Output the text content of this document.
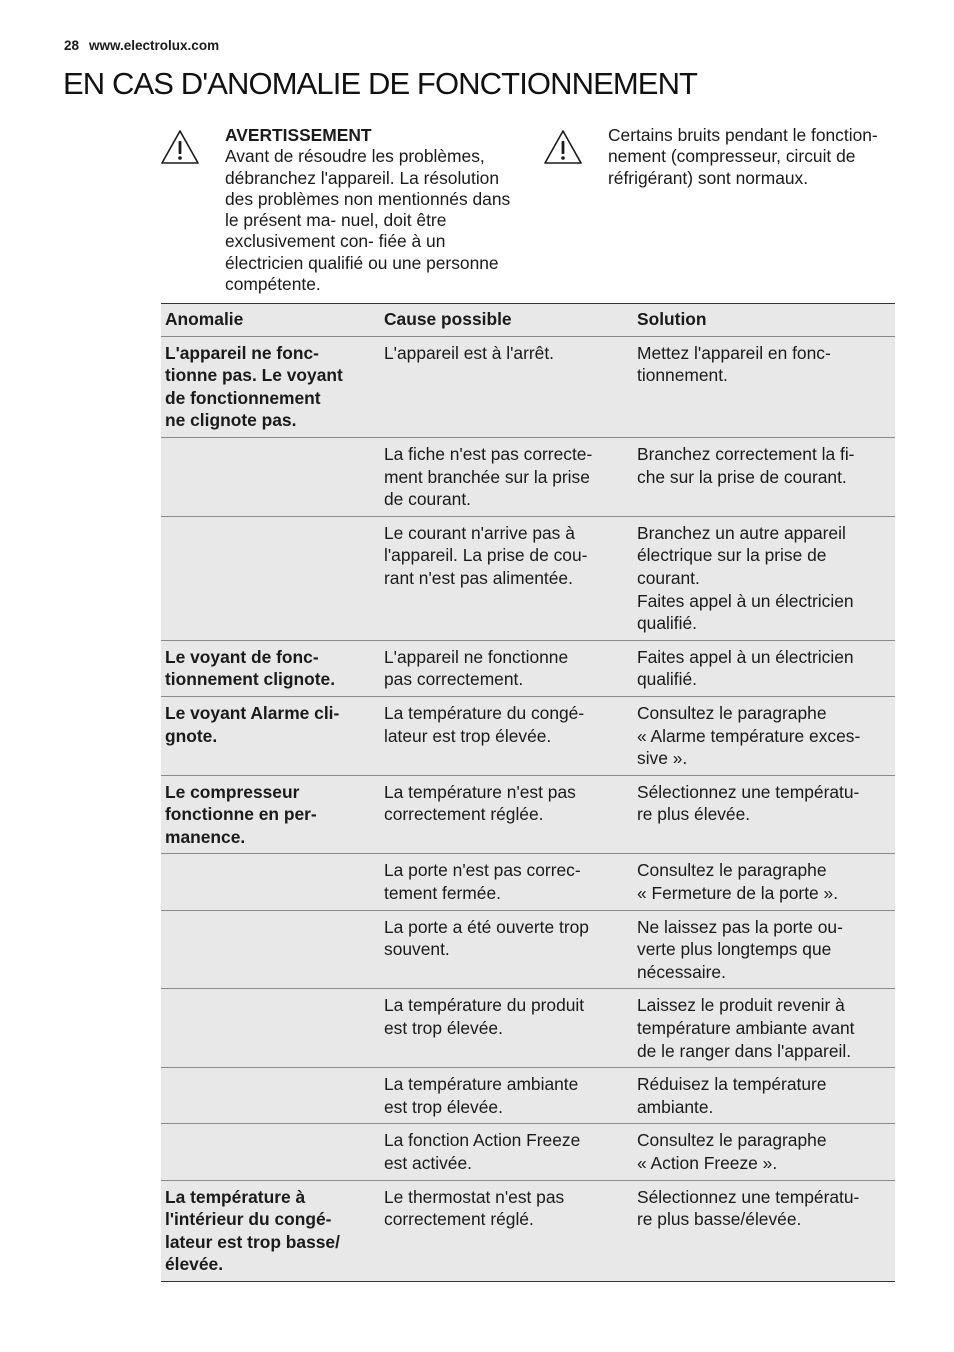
28 www.electrolux.com
EN CAS D'ANOMALIE DE FONCTIONNEMENT

AVERTISSEMENT

Avant de résoudre les problèmes, débranchez l'appareil. La résolution des problèmes non mentionnés dans le présent ma- nuel, doit être exclusivement con- fiée à un électricien qualifié ou une personne compétente.

Certains bruits pendant le fonction- nement (compresseur, circuit de réfrigérant) sont normaux.

Anomalie	Cause possible	Solution
L'appareil ne fonc-
tionne pas. Le voyant
de fonctionnement
ne clignote pas.	L'appareil est à l'arrêt.	Mettez l'appareil en fonc-
tionnement.
	La fiche n'est pas correcte-
ment branchée sur la prise
de courant.	Branchez correctement la fi-
che sur la prise de courant.
	Le courant n'arrive pas à
l'appareil. La prise de cou-
rant n'est pas alimentée.	Branchez un autre appareil
électrique sur la prise de
courant.
Faites appel à un électricien
qualifié.
Le voyant de fonc-
tionnement clignote.	L'appareil ne fonctionne
pas correctement.	Faites appel à un électricien
qualifié.
Le voyant Alarme cli-
gnote.	La température du congé-
lateur est trop élevée.	Consultez le paragraphe
« Alarme température exces-
sive ».
Le compresseur
fonctionne en per-
manence.	La température n'est pas
correctement réglée.	Sélectionnez une températu-
re plus élevée.
	La porte n'est pas correc-
tement fermée.	Consultez le paragraphe
« Fermeture de la porte ».
	La porte a été ouverte trop
souvent.	Ne laissez pas la porte ou-
verte plus longtemps que
nécessaire.
	La température du produit
est trop élevée.	Laissez le produit revenir à
température ambiante avant
de le ranger dans l'appareil.
	La température ambiante
est trop élevée.	Réduisez la température
ambiante.
	La fonction Action Freeze
est activée.	Consultez le paragraphe
« Action Freeze ».
La température à
l'intérieur du congé-
lateur est trop basse/
élevée.	Le thermostat n'est pas
correctement réglé.	Sélectionnez une températu-
re plus basse/élevée.
